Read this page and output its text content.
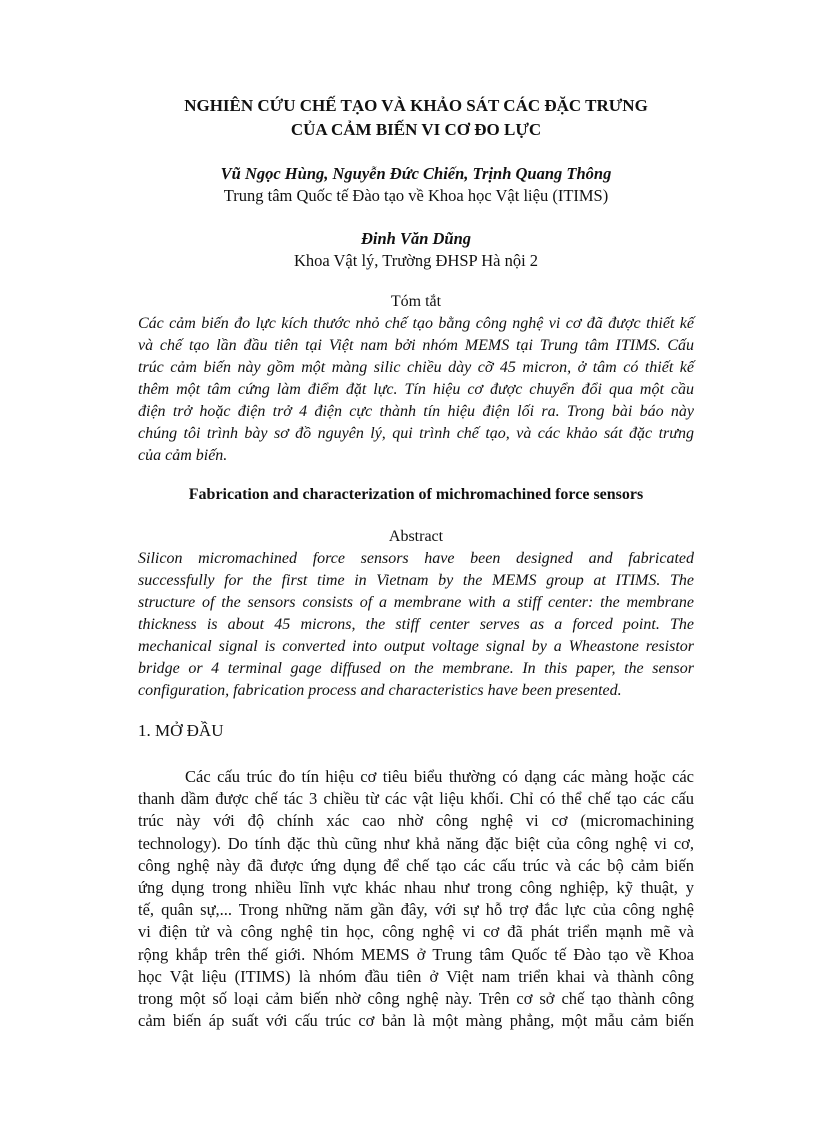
NGHIÊN CỨU CHẾ TẠO VÀ KHẢO SÁT CÁC ĐẶC TRƯNG
CỦA CẢM BIẾN VI CƠ ĐO LỰC
Vũ Ngọc Hùng, Nguyễn Đức Chiến, Trịnh Quang Thông
Trung tâm Quốc tế Đào tạo về Khoa học Vật liệu (ITIMS)
Đinh Văn Dũng
Khoa Vật lý, Trường ĐHSP Hà nội 2
Tóm tắt
Các cảm biến đo lực kích thước nhỏ chế tạo bằng công nghệ vi cơ đã được thiết kế
và chế tạo lần đầu tiên tại Việt nam bởi nhóm MEMS tại Trung tâm ITIMS. Cấu
trúc cảm biến này gồm một màng silic chiều dày cỡ 45 micron, ở tâm có thiết kế
thêm một tâm cứng làm điểm đặt lực. Tín hiệu cơ được chuyển đổi qua một cầu
điện trở hoặc điện trở 4 điện cực thành tín hiệu điện lối ra. Trong bài báo này
chúng tôi trình bày sơ đồ nguyên lý, qui trình chế tạo, và các khảo sát đặc trưng
của cảm biến.
Fabrication and characterization of michromachined force sensors
Abstract
Silicon micromachined force sensors have been designed and fabricated
successfully for the first time in Vietnam by the MEMS group at ITIMS. The
structure of the sensors consists of a membrane with a stiff center: the membrane
thickness is about 45 microns, the stiff center serves as a forced point. The
mechanical signal is converted into output voltage signal by a Wheastone resistor
bridge or 4 terminal gage diffused on the membrane. In this paper, the sensor
configuration, fabrication process and characteristics have been presented.
1. MỞ ĐẦU
Các cấu trúc đo tín hiệu cơ tiêu biểu thường có dạng các màng hoặc các
thanh dầm được chế tác 3 chiều từ các vật liệu khối. Chỉ có thể chế tạo các cấu
trúc này với độ chính xác cao nhờ công nghệ vi cơ (micromachining
technology). Do tính đặc thù cũng như khả năng đặc biệt của công nghệ vi cơ,
công nghệ này đã được ứng dụng để chế tạo các cấu trúc và các bộ cảm biến
ứng dụng trong nhiều lĩnh vực khác nhau như trong công nghiệp, kỹ thuật, y
tế, quân sự,... Trong những năm gần đây, với sự hỗ trợ đắc lực của công nghệ
vi điện tử và công nghệ tin học, công nghệ vi cơ đã phát triển mạnh mẽ và
rộng khắp trên thế giới. Nhóm MEMS ở Trung tâm Quốc tế Đào tạo về Khoa
học Vật liệu (ITIMS) là nhóm đầu tiên ở Việt nam triển khai và thành công
trong một số loại cảm biến nhờ công nghệ này. Trên cơ sở chế tạo thành công
cảm biến áp suất với cấu trúc cơ bản là một màng phẳng, một mẫu cảm biến
